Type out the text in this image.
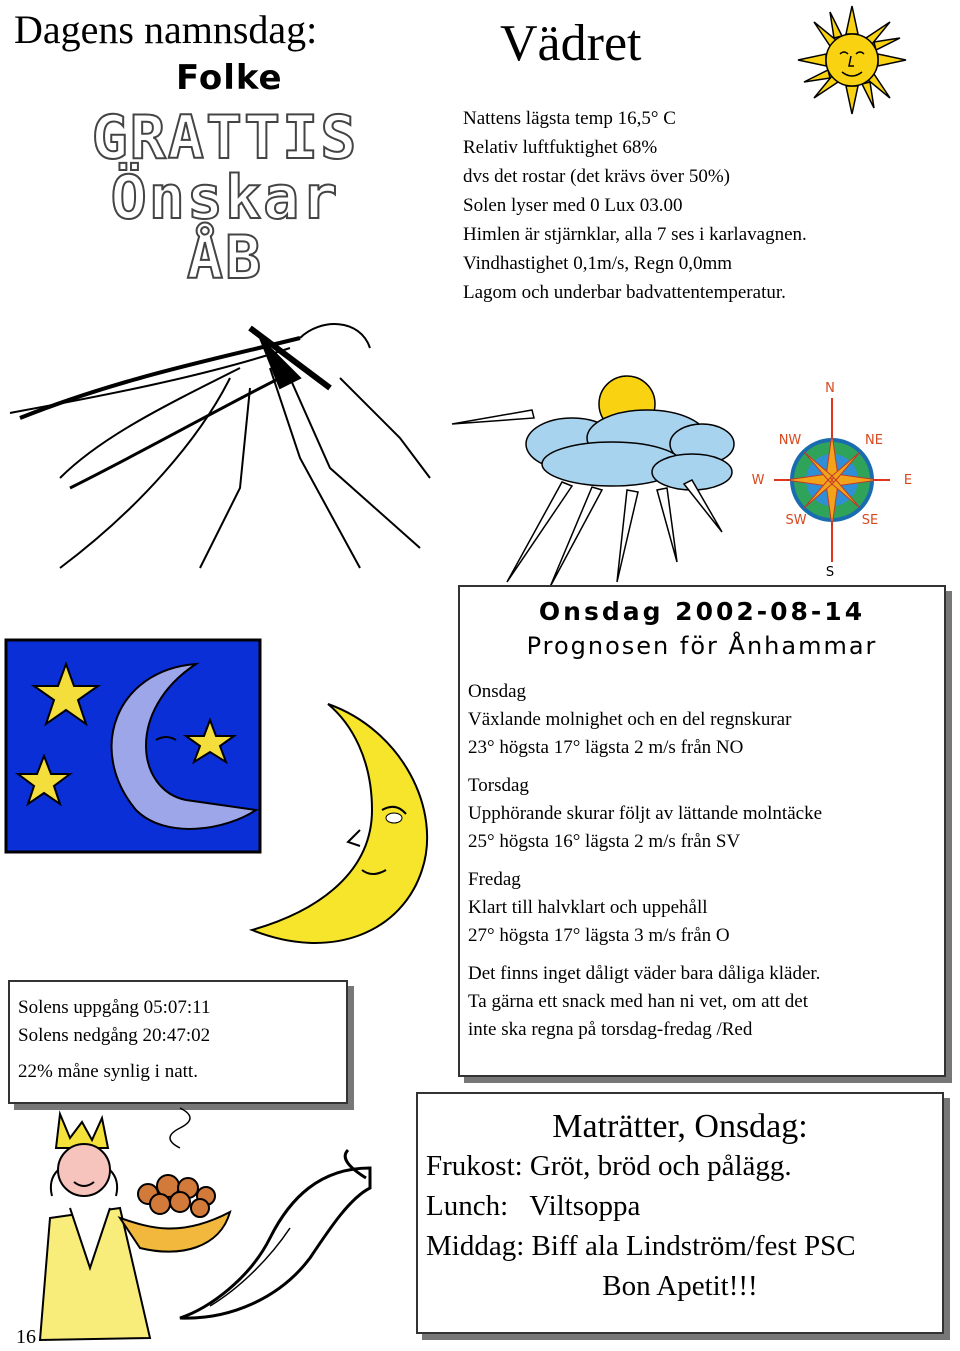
Dagens namnsdag:
Folke
GRATTIS
Önskar ÅB
Vädret
Nattens lägsta temp 16,5° C
Relativ luftfuktighet 68%
dvs det rostar (det krävs över 50%)
Solen lyser med 0 Lux 03.00
Himlen är stjärnklar, alla 7 ses i karlavagnen.
Vindhastighet 0,1m/s, Regn 0,0mm
Lagom och underbar badvattentemperatur.
N
NW	NE
W	E
SW	SE
S
Onsdag 2002-08-14
Prognosen för Ånhammar
Onsdag
Växlande molnighet och en del regnskurar
23° högsta 17° lägsta 2 m/s från NO
Torsdag
Upphörande skurar följt av lättande molntäcke
25° högsta 16° lägsta 2 m/s från SV
Fredag
Klart till halvklart och uppehåll
27° högsta 17° lägsta 3 m/s från O
Det finns inget dåligt väder bara dåliga kläder.
Ta gärna ett snack med han ni vet, om att det
inte ska regna på torsdag-fredag /Red
Solens uppgång 05:07:11
Solens nedgång 20:47:02
22% måne synlig i natt.
Maträtter, Onsdag:
Frukost: Gröt, bröd och pålägg.
Lunch:   Viltsoppa
Middag: Biff ala Lindström/fest PSC
Bon Apetit!!!
16
